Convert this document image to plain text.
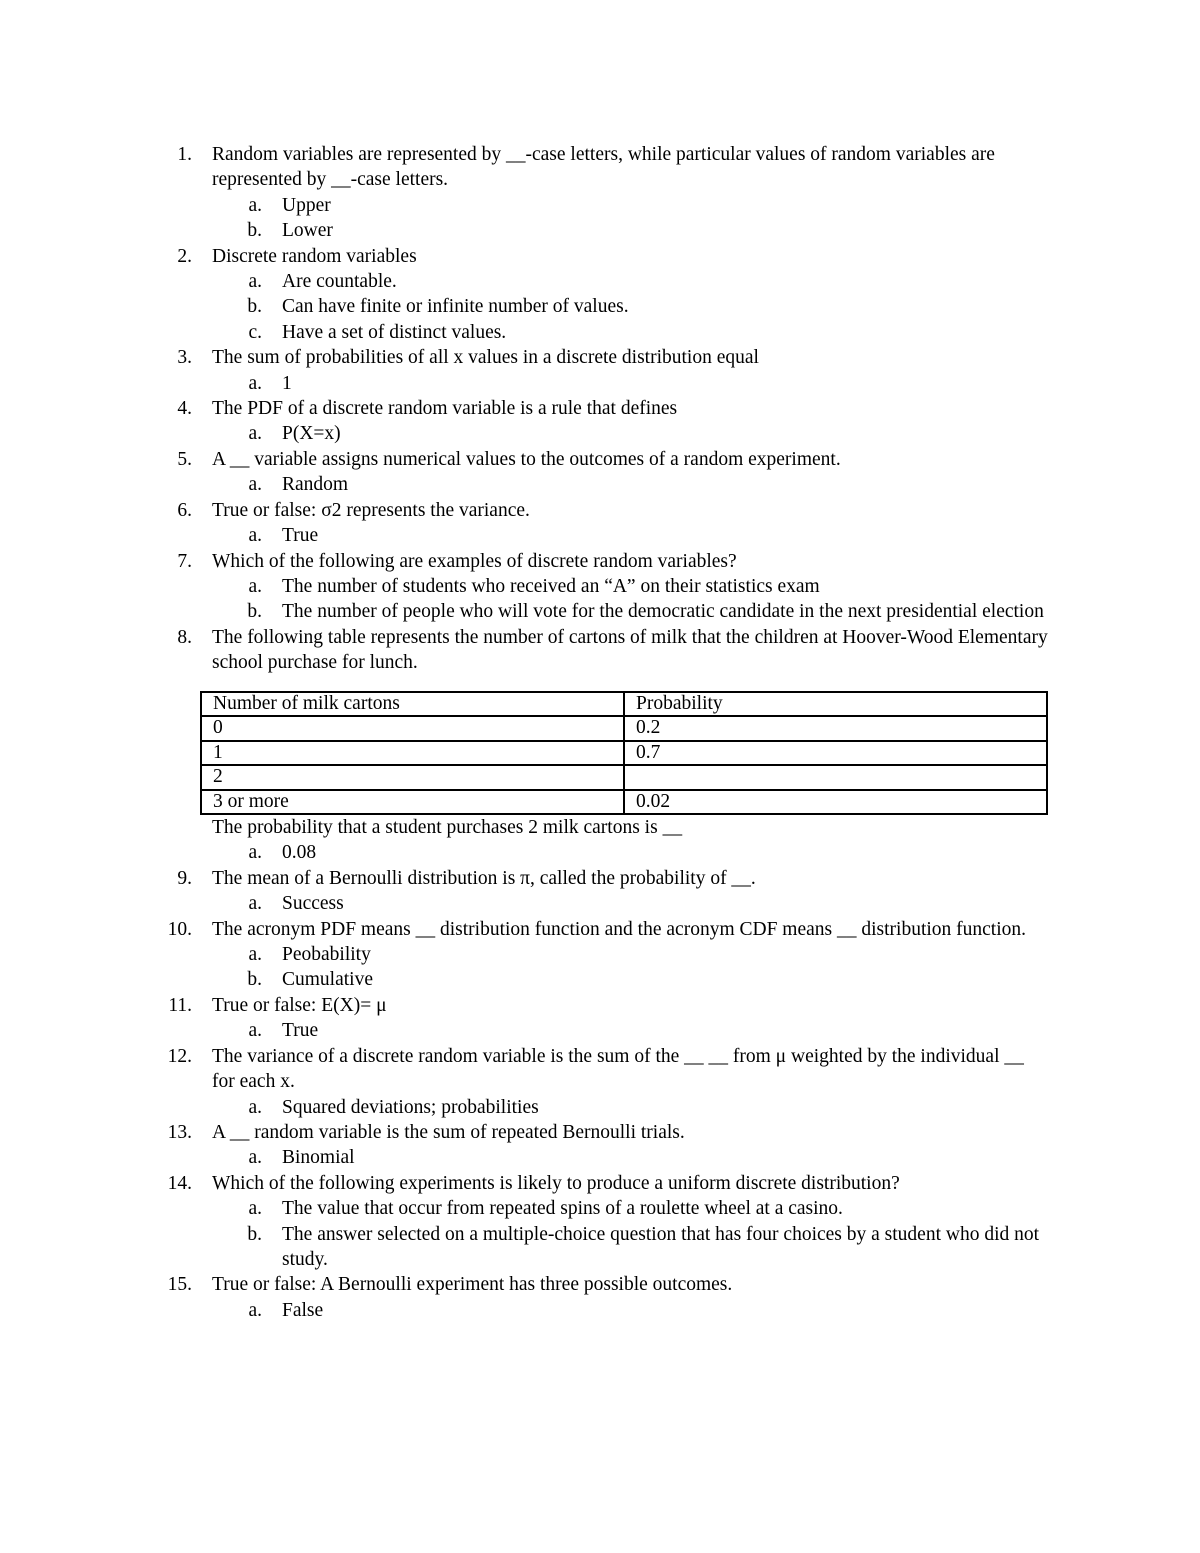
1. Random variables are represented by __-case letters, while particular values of random variables are represented by __-case letters.
a. Upper
b. Lower
2. Discrete random variables
a. Are countable.
b. Can have finite or infinite number of values.
c. Have a set of distinct values.
3. The sum of probabilities of all x values in a discrete distribution equal
a. 1
4. The PDF of a discrete random variable is a rule that defines
a. P(X=x)
5. A __ variable assigns numerical values to the outcomes of a random experiment.
a. Random
6. True or false: σ2 represents the variance.
a. True
7. Which of the following are examples of discrete random variables?
a. The number of students who received an “A” on their statistics exam
b. The number of people who will vote for the democratic candidate in the next presidential election
8. The following table represents the number of cartons of milk that the children at Hoover-Wood Elementary school purchase for lunch.
Number of milk cartons	Probability
0	0.2
1	0.7
2	
3 or more	0.02
The probability that a student purchases 2 milk cartons is __
a. 0.08
9. The mean of a Bernoulli distribution is π, called the probability of __.
a. Success
10. The acronym PDF means __ distribution function and the acronym CDF means __ distribution function.
a. Peobability
b. Cumulative
11. True or false: E(X)= μ
a. True
12. The variance of a discrete random variable is the sum of the __ __ from μ weighted by the individual __ for each x.
a. Squared deviations; probabilities
13. A __ random variable is the sum of repeated Bernoulli trials.
a. Binomial
14. Which of the following experiments is likely to produce a uniform discrete distribution?
a. The value that occur from repeated spins of a roulette wheel at a casino.
b. The answer selected on a multiple-choice question that has four choices by a student who did not study.
15. True or false: A Bernoulli experiment has three possible outcomes.
a. False
